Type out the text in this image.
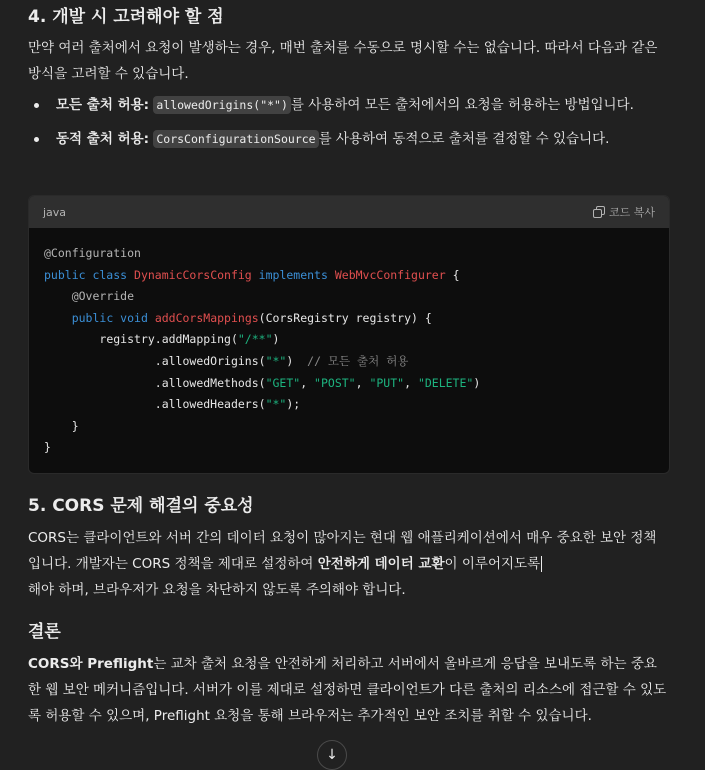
4. 개발 시 고려해야 할 점

만약 여러 출처에서 요청이 발생하는 경우, 매번 출처를 수동으로 명시할 수는 없습니다. 따라서 다음과 같은 방식을 고려할 수 있습니다.

모든 출처 허용: allowedOrigins("*") 를 사용하여 모든 출처에서의 요청을 허용하는 방법입니다.
동적 출처 허용: CorsConfigurationSource 를 사용하여 동적으로 출처를 결정할 수 있습니다.
java	코드 복사
@Configuration
public class DynamicCorsConfig implements WebMvcConfigurer {
@Override
public void addCorsMappings(CorsRegistry registry) {
registry.addMapping("/**")
.allowedOrigins("*") // 모든 출처 허용
.allowedMethods("GET", "POST", "PUT", "DELETE")
.allowedHeaders("*");
}
}
5. CORS 문제 해결의 중요성

CORS는 클라이언트와 서버 간의 데이터 요청이 많아지는 현대 웹 애플리케이션에서 매우 중요한 보안 정책입니다. 개발자는 CORS 정책을 제대로 설정하여 안전하게 데이터 교환이 이루어지도록
해야 하며, 브라우저가 요청을 차단하지 않도록 주의해야 합니다.

결론

CORS와 Preflight는 교차 출처 요청을 안전하게 처리하고 서버에서 올바르게 응답을 보내도록 하는 중요한 웹 보안 메커니즘입니다. 서버가 이를 제대로 설정하면 클라이언트가 다른 출처의 리소스에 접근할 수 있도록 허용할 수 있으며, Preflight 요청을 통해 브라우저는 추가적인 보안 조치를 취할 수 있습니다.

↓
